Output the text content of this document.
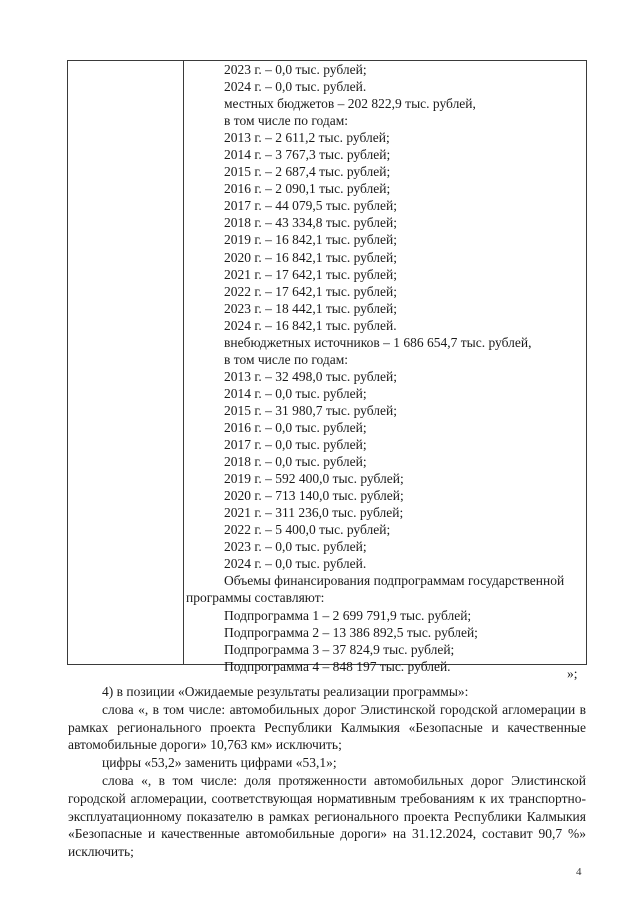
2023 г. – 0,0 тыс. рублей;
2024 г. – 0,0 тыс. рублей.
местных бюджетов – 202 822,9 тыс. рублей,
в том числе по годам:
2013 г. – 2 611,2 тыс. рублей;
2014 г. – 3 767,3 тыс. рублей;
2015 г. – 2 687,4 тыс. рублей;
2016 г. – 2 090,1 тыс. рублей;
2017 г. – 44 079,5 тыс. рублей;
2018 г. – 43 334,8 тыс. рублей;
2019 г. – 16 842,1 тыс. рублей;
2020 г. – 16 842,1 тыс. рублей;
2021 г. – 17 642,1 тыс. рублей;
2022 г. – 17 642,1 тыс. рублей;
2023 г. – 18 442,1 тыс. рублей;
2024 г. – 16 842,1 тыс. рублей.
внебюджетных источников – 1 686 654,7 тыс. рублей,
в том числе по годам:
2013 г. – 32 498,0 тыс. рублей;
2014 г. – 0,0 тыс. рублей;
2015 г. – 31 980,7 тыс. рублей;
2016 г. – 0,0 тыс. рублей;
2017 г. – 0,0 тыс. рублей;
2018 г. – 0,0 тыс. рублей;
2019 г. – 592 400,0 тыс. рублей;
2020 г. – 713 140,0 тыс. рублей;
2021 г. – 311 236,0 тыс. рублей;
2022 г. – 5 400,0 тыс. рублей;
2023 г. – 0,0 тыс. рублей;
2024 г. – 0,0 тыс. рублей.
Объемы финансирования подпрограммам государственной
программы составляют:
Подпрограмма 1 – 2 699 791,9 тыс. рублей;
Подпрограмма 2 – 13 386 892,5 тыс. рублей;
Подпрограмма 3 – 37 824,9 тыс. рублей;
Подпрограмма 4 – 848 197 тыс. рублей.	»;

4) в позиции «Ожидаемые результаты реализации программы»:

слова «, в том числе: автомобильных дорог Элистинской городской агломерации в рамках регионального проекта Республики Калмыкия «Безопасные и качественные автомобильные дороги» 10,763 км» исключить;

цифры «53,2» заменить цифрами «53,1»;

слова «, в том числе: доля протяженности автомобильных дорог Элистинской городской агломерации, соответствующая нормативным требованиям к их транспортно-эксплуатационному показателю в рамках регионального проекта Республики Калмыкия «Безопасные и качественные автомобильные дороги» на 31.12.2024, составит 90,7 %» исключить;

4
